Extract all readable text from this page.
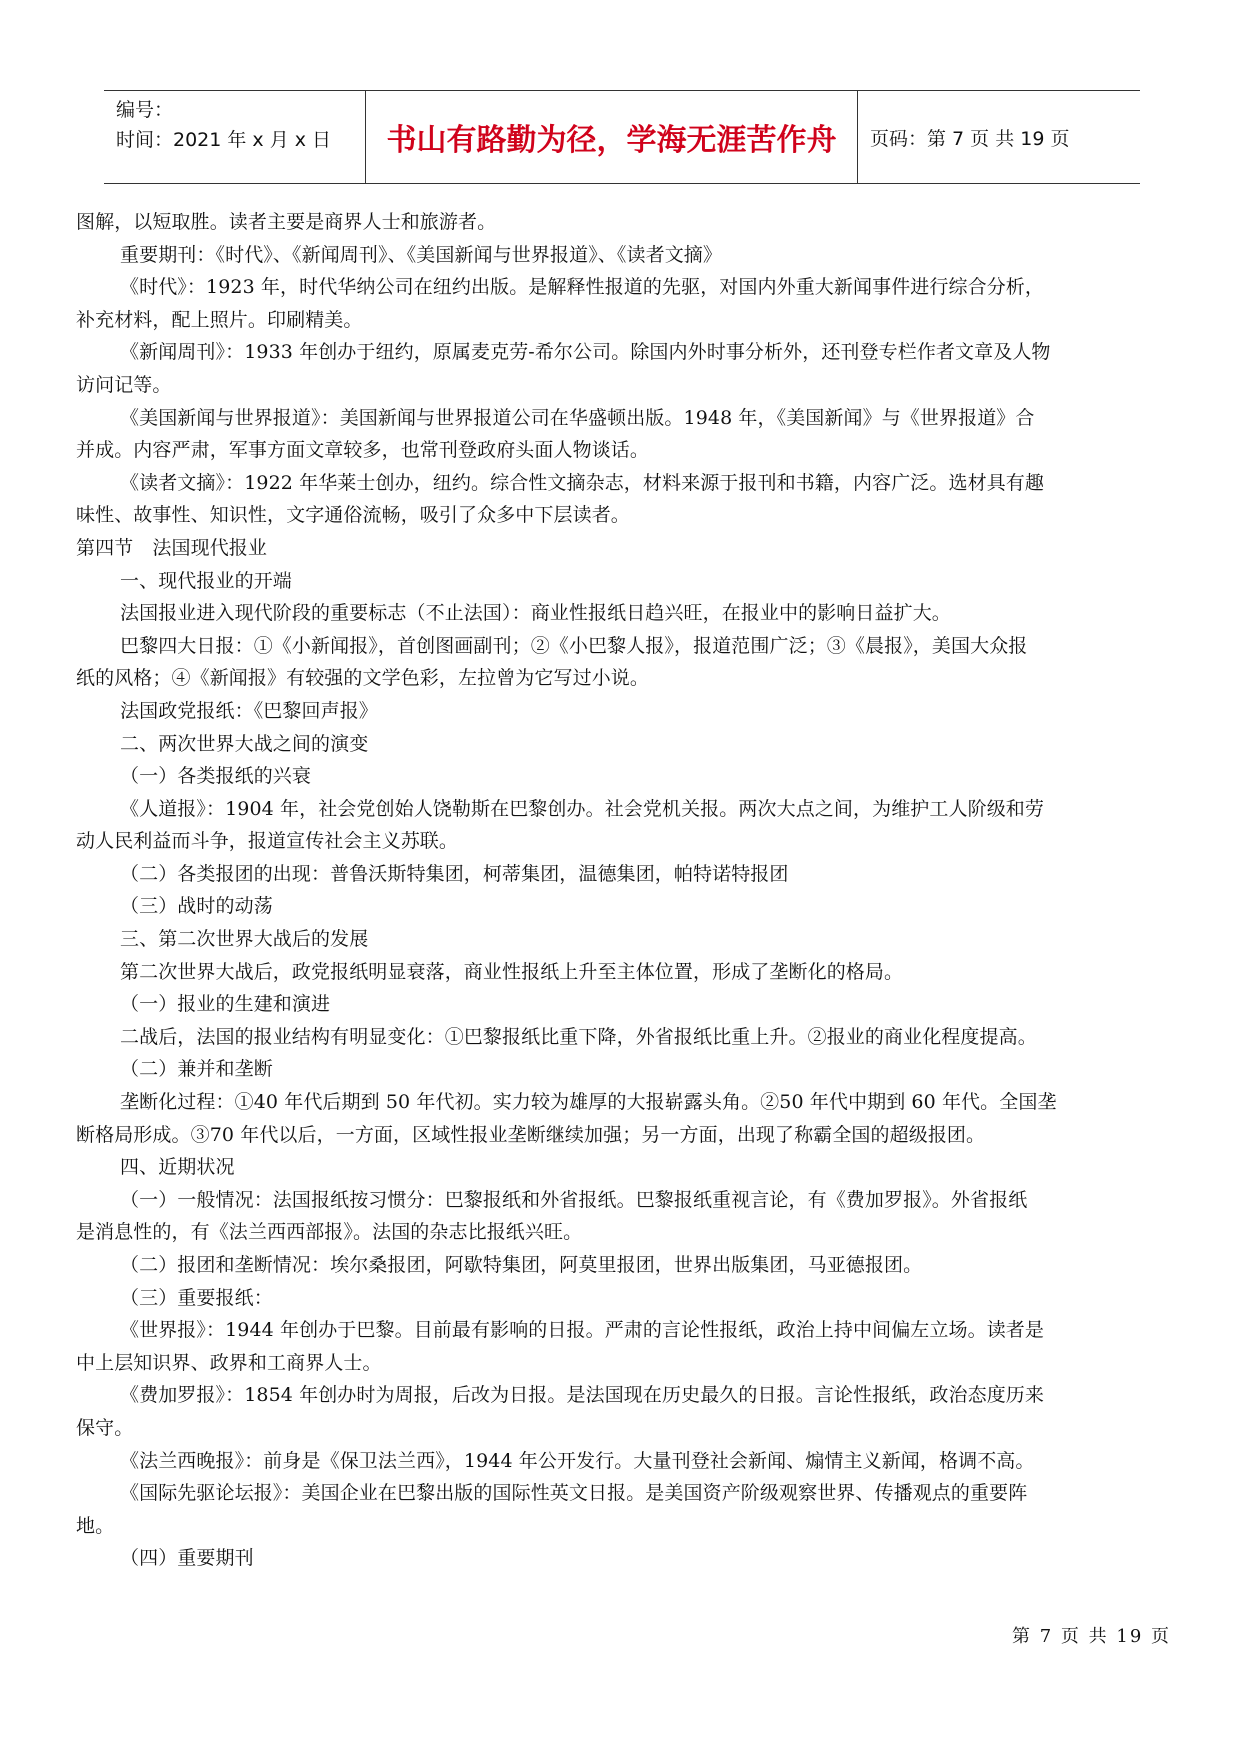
编号：
时间：2021 年 x 月 x 日	书山有路勤为径，学海无涯苦作舟	页码：第 7 页 共 19 页
图解，以短取胜。读者主要是商界人士和旅游者。
重要期刊：《时代》、《新闻周刊》、《美国新闻与世界报道》、《读者文摘》
《时代》：1923 年，时代华纳公司在纽约出版。是解释性报道的先驱，对国内外重大新闻事件进行综合分析，
补充材料，配上照片。印刷精美。
《新闻周刊》：1933 年创办于纽约，原属麦克劳-希尔公司。除国内外时事分析外，还刊登专栏作者文章及人物
访问记等。
《美国新闻与世界报道》：美国新闻与世界报道公司在华盛顿出版。1948 年，《美国新闻》与《世界报道》合
并成。内容严肃，军事方面文章较多，也常刊登政府头面人物谈话。
《读者文摘》：1922 年华莱士创办，纽约。综合性文摘杂志，材料来源于报刊和书籍，内容广泛。选材具有趣
味性、故事性、知识性，文字通俗流畅，吸引了众多中下层读者。
第四节　法国现代报业
一、现代报业的开端
法国报业进入现代阶段的重要标志（不止法国）：商业性报纸日趋兴旺，在报业中的影响日益扩大。
巴黎四大日报：①《小新闻报》，首创图画副刊；②《小巴黎人报》，报道范围广泛；③《晨报》，美国大众报
纸的风格；④《新闻报》有较强的文学色彩，左拉曾为它写过小说。
法国政党报纸：《巴黎回声报》
二、两次世界大战之间的演变
（一）各类报纸的兴衰
《人道报》：1904 年，社会党创始人饶勒斯在巴黎创办。社会党机关报。两次大点之间，为维护工人阶级和劳
动人民利益而斗争，报道宣传社会主义苏联。
（二）各类报团的出现：普鲁沃斯特集团，柯蒂集团，温德集团，帕特诺特报团
（三）战时的动荡
三、第二次世界大战后的发展
第二次世界大战后，政党报纸明显衰落，商业性报纸上升至主体位置，形成了垄断化的格局。
（一）报业的生建和演进
二战后，法国的报业结构有明显变化：①巴黎报纸比重下降，外省报纸比重上升。②报业的商业化程度提高。
（二）兼并和垄断
垄断化过程：①40 年代后期到 50 年代初。实力较为雄厚的大报崭露头角。②50 年代中期到 60 年代。全国垄
断格局形成。③70 年代以后，一方面，区域性报业垄断继续加强；另一方面，出现了称霸全国的超级报团。
四、近期状况
（一）一般情况：法国报纸按习惯分：巴黎报纸和外省报纸。巴黎报纸重视言论，有《费加罗报》。外省报纸
是消息性的，有《法兰西西部报》。法国的杂志比报纸兴旺。
（二）报团和垄断情况：埃尔桑报团，阿歇特集团，阿莫里报团，世界出版集团，马亚德报团。
（三）重要报纸：
《世界报》：1944 年创办于巴黎。目前最有影响的日报。严肃的言论性报纸，政治上持中间偏左立场。读者是
中上层知识界、政界和工商界人士。
《费加罗报》：1854 年创办时为周报，后改为日报。是法国现在历史最久的日报。言论性报纸，政治态度历来
保守。
《法兰西晚报》：前身是《保卫法兰西》，1944 年公开发行。大量刊登社会新闻、煽情主义新闻，格调不高。
《国际先驱论坛报》：美国企业在巴黎出版的国际性英文日报。是美国资产阶级观察世界、传播观点的重要阵
地。
（四）重要期刊
第 7 页 共 19 页
